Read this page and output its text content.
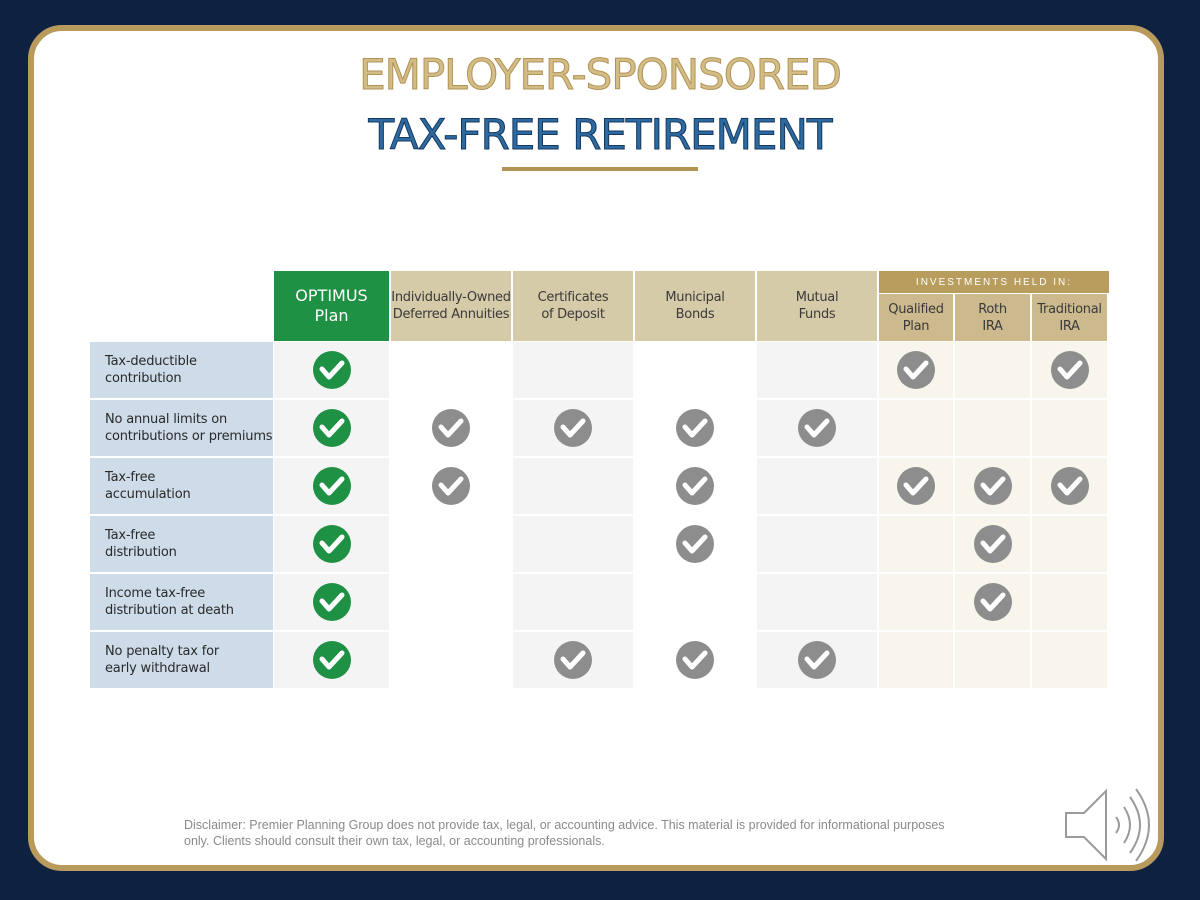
EMPLOYER-SPONSORED
TAX-FREE RETIREMENT
OPTIMUS
Plan
Individually-Owned
Deferred Annuities
Certificates
of Deposit
Municipal
Bonds
Mutual
Funds	Qualified
Plan
Roth
IRA
Traditional
IRA
INVESTMENTS HELD IN:
Tax-deductible
contribution
No annual limits on
contributions or premiums
Tax-free
accumulation
Tax-free
distribution
Income tax-free
distribution at death
No penalty tax for
early withdrawal
Disclaimer: Premier Planning Group does not provide tax, legal, or accounting advice. This material is provided for informational purposes
only. Clients should consult their own tax, legal, or accounting professionals.
